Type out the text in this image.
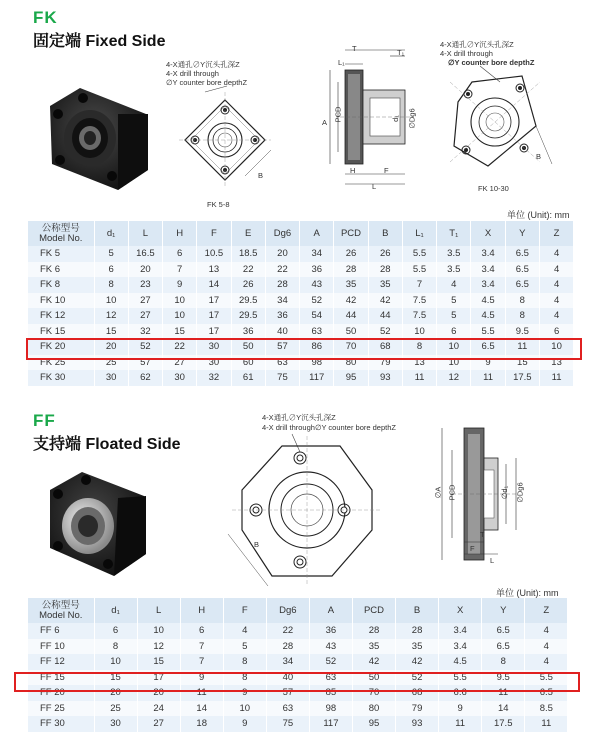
FK
固定端 Fixed Side
4-X通孔∅Y沉头孔深Z
4-X drill through
∅Y counter bore depthZ
B
FK 5-8
T	T₁
L₁
A
PCD	d₁ ∅Dg6
H	F
L
4-X通孔∅Y沉头孔深Z
4-X drill through
∅Y counter bore depthZ
B
FK 10-30
单位 (Unit): mm
公称型号
Model No.	d₁	L	H	F	E	Dg6	A	PCD	B	L₁	T₁	X	Y	Z
FK 5	5	16.5	6	10.5	18.5	20	34	26	26	5.5	3.5	3.4	6.5	4
FK 6	6	20	7	13	22	22	36	28	28	5.5	3.5	3.4	6.5	4
FK 8	8	23	9	14	26	28	43	35	35	7	4	3.4	6.5	4
FK 10	10	27	10	17	29.5	34	52	42	42	7.5	5	4.5	8	4
FK 12	12	27	10	17	29.5	36	54	44	44	7.5	5	4.5	8	4
FK 15	15	32	15	17	36	40	63	50	52	10	6	5.5	9.5	6
FK 20	20	52	22	30	50	57	86	70	68	8	10	6.5	11	10
FK 25	25	57	27	30	60	63	98	80	79	13	10	9	15	13
FK 30	30	62	30	32	61	75	117	95	93	11	12	11	17.5	11
FF
支持端 Floated Side
4-X通孔∅Y沉头孔深Z
4-X drill through∅Y counter bore depthZ
B
∅A PCD	∅d₁ ∅Dg6
T
F
L
单位 (Unit): mm
公称型号
Model No.	d₁	L	H	F	Dg6	A	PCD	B	X	Y	Z
FF 6	6	10	6	4	22	36	28	28	3.4	6.5	4
FF 10	8	12	7	5	28	43	35	35	3.4	6.5	4
FF 12	10	15	7	8	34	52	42	42	4.5	8	4
FF 15	15	17	9	8	40	63	50	52	5.5	9.5	5.5
FF 20	20	20	11	9	57	85	70	68	6.6	11	6.5
FF 25	25	24	14	10	63	98	80	79	9	14	8.5
FF 30	30	27	18	9	75	117	95	93	11	17.5	11
